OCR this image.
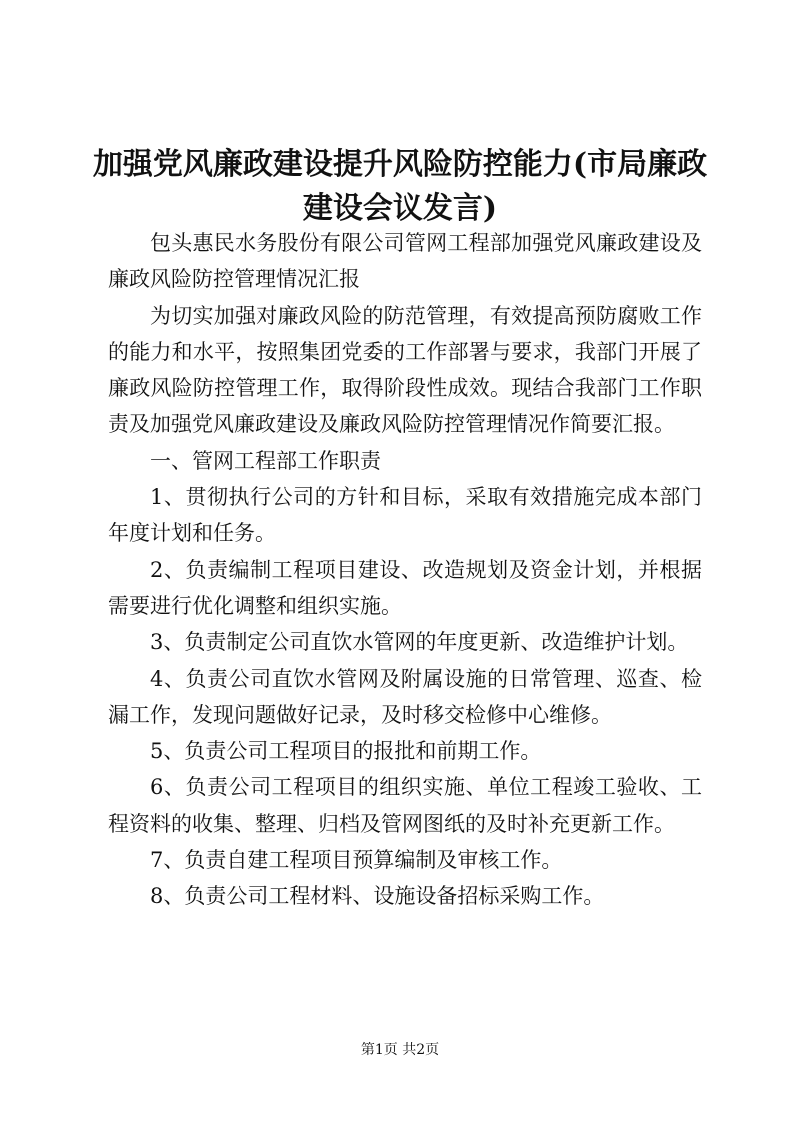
加强党风廉政建设提升风险防控能力(市局廉政建设会议发言)

包头惠民水务股份有限公司管网工程部加强党风廉政建设及廉政风险防控管理情况汇报

为切实加强对廉政风险的防范管理，有效提高预防腐败工作的能力和水平，按照集团党委的工作部署与要求，我部门开展了廉政风险防控管理工作，取得阶段性成效。现结合我部门工作职责及加强党风廉政建设及廉政风险防控管理情况作简要汇报。

一、管网工程部工作职责

1、贯彻执行公司的方针和目标，采取有效措施完成本部门年度计划和任务。

2、负责编制工程项目建设、改造规划及资金计划，并根据需要进行优化调整和组织实施。

3、负责制定公司直饮水管网的年度更新、改造维护计划。

4、负责公司直饮水管网及附属设施的日常管理、巡查、检漏工作，发现问题做好记录，及时移交检修中心维修。

5、负责公司工程项目的报批和前期工作。

6、负责公司工程项目的组织实施、单位工程竣工验收、工程资料的收集、整理、归档及管网图纸的及时补充更新工作。

7、负责自建工程项目预算编制及审核工作。

8、负责公司工程材料、设施设备招标采购工作。

第1页 共2页
